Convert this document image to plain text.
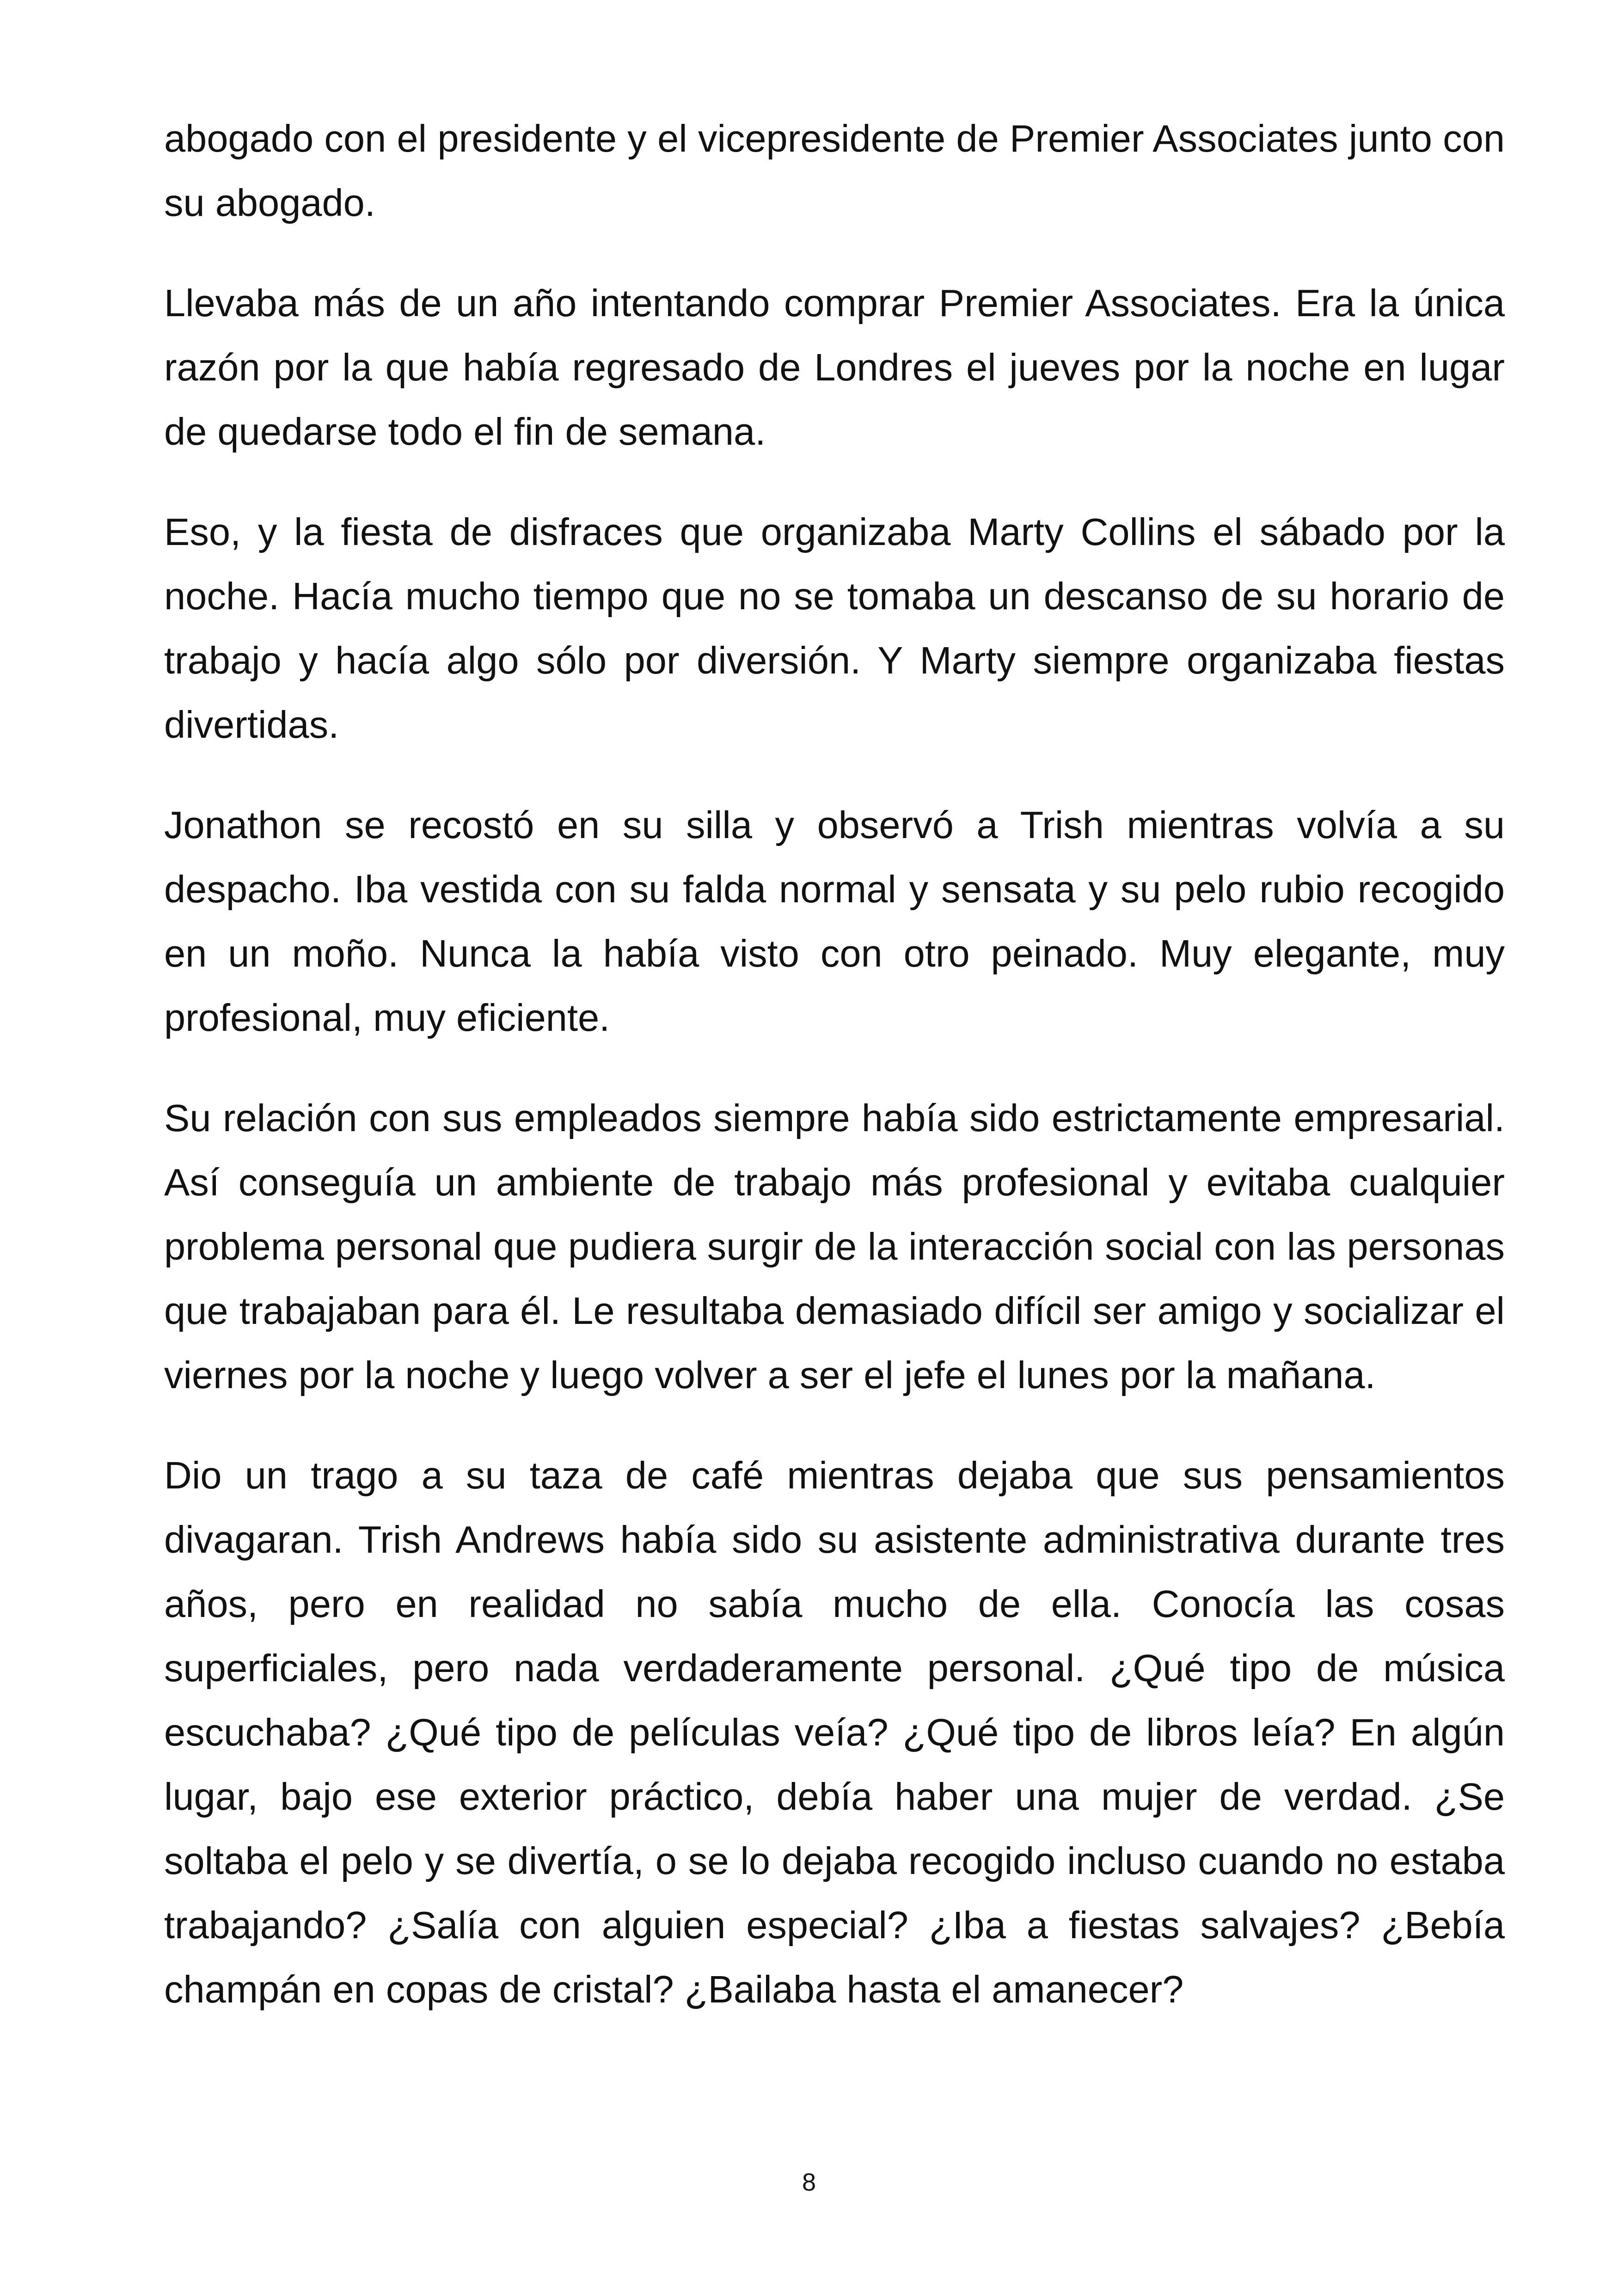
abogado con el presidente y el vicepresidente de Premier Associates junto con su abogado.

Llevaba más de un año intentando comprar Premier Associates. Era la única razón por la que había regresado de Londres el jueves por la noche en lugar de quedarse todo el fin de semana.

Eso, y la fiesta de disfraces que organizaba Marty Collins el sábado por la noche. Hacía mucho tiempo que no se tomaba un descanso de su horario de trabajo y hacía algo sólo por diversión. Y Marty siempre organizaba fiestas divertidas.

Jonathon se recostó en su silla y observó a Trish mientras volvía a su despacho. Iba vestida con su falda normal y sensata y su pelo rubio recogido en un moño. Nunca la había visto con otro peinado. Muy elegante, muy profesional, muy eficiente.

Su relación con sus empleados siempre había sido estrictamente empresarial. Así conseguía un ambiente de trabajo más profesional y evitaba cualquier problema personal que pudiera surgir de la interacción social con las personas que trabajaban para él. Le resultaba demasiado difícil ser amigo y socializar el viernes por la noche y luego volver a ser el jefe el lunes por la mañana.

Dio un trago a su taza de café mientras dejaba que sus pensamientos divagaran. Trish Andrews había sido su asistente administrativa durante tres años, pero en realidad no sabía mucho de ella. Conocía las cosas superficiales, pero nada verdaderamente personal. ¿Qué tipo de música escuchaba? ¿Qué tipo de películas veía? ¿Qué tipo de libros leía? En algún lugar, bajo ese exterior práctico, debía haber una mujer de verdad. ¿Se soltaba el pelo y se divertía, o se lo dejaba recogido incluso cuando no estaba trabajando? ¿Salía con alguien especial? ¿Iba a fiestas salvajes? ¿Bebía champán en copas de cristal? ¿Bailaba hasta el amanecer?

8
